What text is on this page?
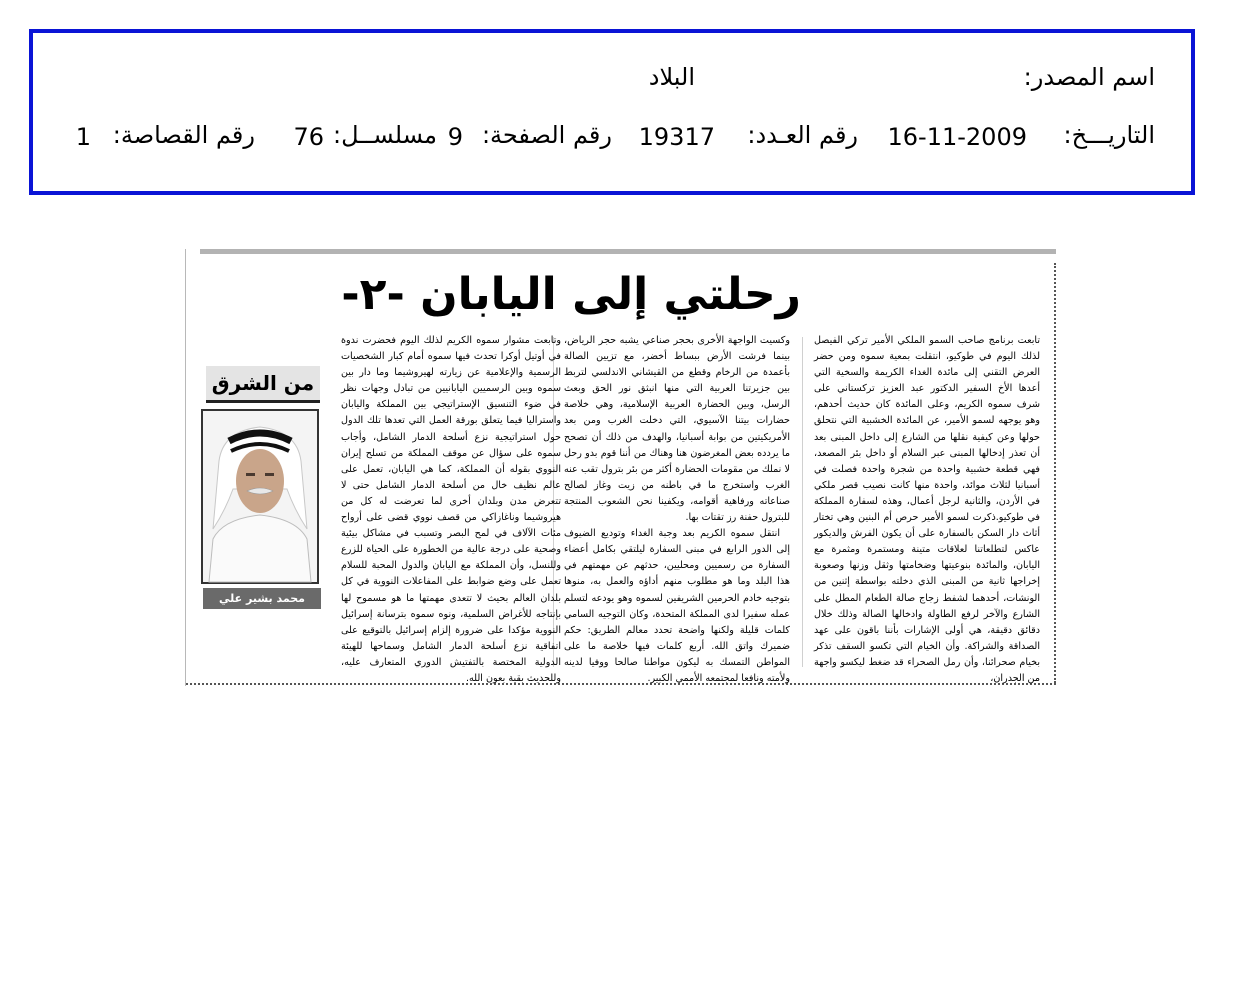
اسم المصدر:
البلاد
التاريـــخ:
16-11-2009
رقم العـدد:
19317
رقم الصفحة:
9
مسلســل:
76
رقم القصاصة:
1
رحلتي إلى اليابان -٢-

تابعت برنامج صاحب السمو الملكي الأمير تركي الفيصل لذلك اليوم في طوكيو، انتقلت بمعية سموه ومن حضر العرض التقني إلى مائدة الغداء الكريمة والسخية التي أعدها الأخ السفير الدكتور عبد العزيز تركستاني على شرف سموه الكريم، وعلى المائدة كان حديث أحدهم، وهو يوجهه لسمو الأمير، عن المائدة الخشبية التي نتحلق حولها وعن كيفية نقلها من الشارع إلى داخل المبنى بعد أن تعذر إدخالها المبنى عبر السلام أو داخل بئر المصعد، فهي قطعة خشبية واحدة من شجرة واحدة فصلت في أسبانيا لثلاث موائد، واحدة منها كانت نصيب قصر ملكي في الأردن، والثانية لرجل أعمال، وهذه لسفارة المملكة في طوكيو.ذكرت لسمو الأمير حرص أم البنين وهي تختار أثاث دار السكن بالسفارة على أن يكون الفرش والديكور عاكس لتطلعاتنا لعلاقات متينة ومستمرة ومثمرة مع اليابان، والمائدة بنوعيتها وضخامتها وثقل وزنها وصعوبة إخراجها ثانية من المبنى الذي دخلته بواسطة إثنين من الونشات، أحدهما لشفط زجاج صالة الطعام المطل على الشارع والآخر لرفع الطاولة وادخالها الصالة وذلك خلال دقائق دقيقة، هي أولى الإشارات بأننا باقون على عهد الصداقة والشراكة. وأن الخيام التي تكسو السقف تذكر بخيام صحرائنا، وأن رمل الصحراء قد ضغط ليكسو واجهة من الجدران،

وكسيت الواجهة الأخرى بحجر صناعي يشبه حجر الرياض، بينما فرشت الأرض ببساط أخضر، مع تزيين الصالة بأعمدة من الرخام وقطع من القيشاني الاندلسي لتربط بين جزيرتنا العربية التي منها انبثق نور الحق وبعث الرسل، وبين الحضارة العربية الإسلامية، وهي خلاصة حضارات بيتنا الآسيوي، التي دخلت الغرب ومن بعد الأمريكيتين من بوابة أسبانيا، والهدف من ذلك أن تصحح ما يردده بعض المغرضون هنا وهناك من أننا قوم بدو رحل لا نملك من مقومات الحضارة أكثر من بئر بترول تقب عنه الغرب واستخرج ما في باطنه من زيت وغاز لصالح صناعاته ورفاهية أقوامه، ويكفينا نحن الشعوب المنتجة للبترول حفنة رز تقتات بها.

انتقل سموه الكريم بعد وجبة الغداء وتوديع الضيوف إلى الدور الرابع في مبنى السفارة ليلتقي بكامل أعضاء السفارة من رسميين ومحليين، حدثهم عن مهمتهم في هذا البلد وما هو مطلوب منهم أداؤه والعمل به، منوها بتوجيه خادم الحرمين الشريفين لسموه وهو يودعه لتسلم عمله سفيرا لدى المملكة المتحدة، وكان التوجيه السامي كلمات قليلة ولكنها واضحة تحدد معالم الطريق: حكم ضميرك واتق الله. أربع كلمات فيها خلاصة ما على المواطن التمسك به ليكون مواطنا صالحا ووفيا لدينه ولأمته ونافعا لمجتمعه الأممي الكبير.

وتابعت مشوار سموه الكريم لذلك اليوم فحضرت ندوة في أوتيل أوكرا تحدث فيها سموه أمام كبار الشخصيات الرسمية والإعلامية عن زيارته لهيروشيما وما دار بين سموه وبين الرسميين اليابانيين من تبادل وجهات نظر في ضوء التنسيق الإستراتيجي بين المملكة واليابان واستراليا فيما يتعلق بورقة العمل التي تعدها تلك الدول حول استراتيجية نزع أسلحة الدمار الشامل، وأجاب سموه على سؤال عن موقف المملكة من تسلح إيران النووي بقوله أن المملكة، كما هي اليابان، تعمل على عالم نظيف خال من أسلحة الدمار الشامل حتى لا تتعرض مدن وبلدان أخرى لما تعرضت له كل من هيروشيما وناغازاكي من قصف نووي قضى على أرواح مئات الآلاف في لمح البصر وتسبب في مشاكل بيئية وصحية على درجة عالية من الخطورة على الحياة للزرع وللنسل، وأن المملكة مع اليابان والدول المحبة للسلام تعمل على وضع ضوابط على المفاعلات النووية في كل بلدان العالم بحيث لا تتعدى مهمتها ما هو مسموح لها بإنتاجه للأغراض السلمية، ونوه سموه بترسانة إسرائيل النووية مؤكدا على ضرورة إلزام إسرائيل بالتوقيع على اتفاقية نزع أسلحة الدمار الشامل وسماحها للهيئة الدولية المختصة بالتفتيش الدوري المتعارف عليه، وللحديث بقية بعون الله.

من الشرق
محمد بشير علي كردي
